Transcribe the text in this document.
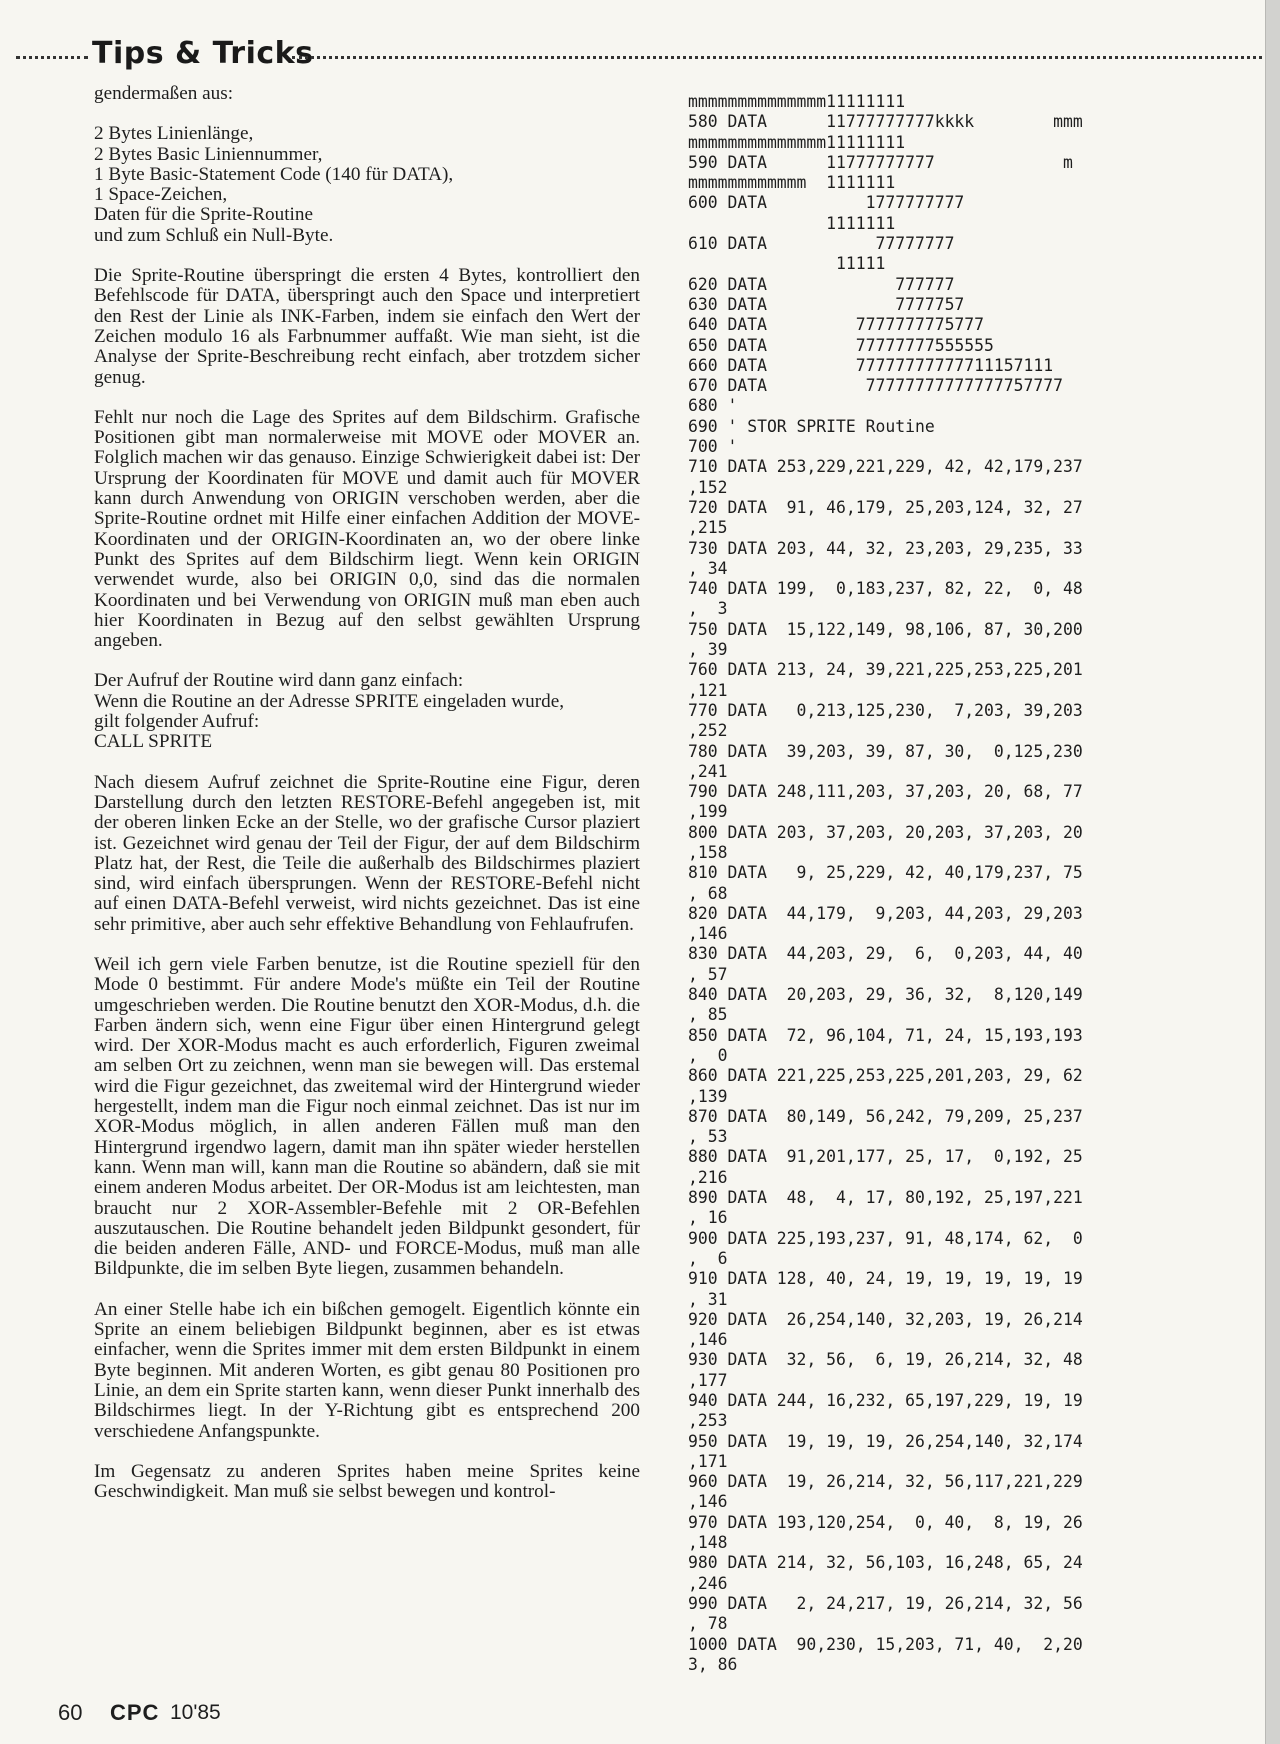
Tips & Tricks

gendermaßen aus:

2 Bytes Linienlänge,
2 Bytes Basic Liniennummer,
1 Byte Basic-Statement Code (140 für DATA),
1 Space-Zeichen,
Daten für die Sprite-Routine
und zum Schluß ein Null-Byte.

Die Sprite-Routine überspringt die ersten 4 Bytes, kontrolliert den Befehlscode für DATA, überspringt auch den Space und interpretiert den Rest der Linie als INK-Farben, indem sie einfach den Wert der Zeichen modulo 16 als Farbnummer auffaßt. Wie man sieht, ist die Analyse der Sprite-Beschreibung recht einfach, aber trotzdem sicher genug.

Fehlt nur noch die Lage des Sprites auf dem Bildschirm. Grafische Positionen gibt man normalerweise mit MOVE oder MOVER an. Folglich machen wir das genauso. Einzige Schwierigkeit dabei ist: Der Ursprung der Koordinaten für MOVE und damit auch für MOVER kann durch Anwendung von ORIGIN verschoben werden, aber die Sprite-Routine ordnet mit Hilfe einer einfachen Addition der MOVE-Koordinaten und der ORIGIN-Koordinaten an, wo der obere linke Punkt des Sprites auf dem Bildschirm liegt. Wenn kein ORIGIN verwendet wurde, also bei ORIGIN 0,0, sind das die normalen Koordinaten und bei Verwendung von ORIGIN muß man eben auch hier Koordinaten in Bezug auf den selbst gewählten Ursprung angeben.

Der Aufruf der Routine wird dann ganz einfach:
Wenn die Routine an der Adresse SPRITE eingeladen wurde,
gilt folgender Aufruf:
CALL SPRITE

Nach diesem Aufruf zeichnet die Sprite-Routine eine Figur, deren Darstellung durch den letzten RESTORE-Befehl angegeben ist, mit der oberen linken Ecke an der Stelle, wo der grafische Cursor plaziert ist. Gezeichnet wird genau der Teil der Figur, der auf dem Bildschirm Platz hat, der Rest, die Teile die außerhalb des Bildschirmes plaziert sind, wird einfach übersprungen. Wenn der RESTORE-Befehl nicht auf einen DATA-Befehl verweist, wird nichts gezeichnet. Das ist eine sehr primitive, aber auch sehr effektive Behandlung von Fehlaufrufen.

Weil ich gern viele Farben benutze, ist die Routine speziell für den Mode 0 bestimmt. Für andere Mode's müßte ein Teil der Routine umgeschrieben werden. Die Routine benutzt den XOR-Modus, d.h. die Farben ändern sich, wenn eine Figur über einen Hintergrund gelegt wird. Der XOR-Modus macht es auch erforderlich, Figuren zweimal am selben Ort zu zeichnen, wenn man sie bewegen will. Das erstemal wird die Figur gezeichnet, das zweitemal wird der Hintergrund wieder hergestellt, indem man die Figur noch einmal zeichnet. Das ist nur im XOR-Modus möglich, in allen anderen Fällen muß man den Hintergrund irgendwo lagern, damit man ihn später wieder herstellen kann. Wenn man will, kann man die Routine so abändern, daß sie mit einem anderen Modus arbeitet. Der OR-Modus ist am leichtesten, man braucht nur 2 XOR-Assembler-Befehle mit 2 OR-Befehlen auszutauschen. Die Routine behandelt jeden Bildpunkt gesondert, für die beiden anderen Fälle, AND- und FORCE-Modus, muß man alle Bildpunkte, die im selben Byte liegen, zusammen behandeln.

An einer Stelle habe ich ein bißchen gemogelt. Eigentlich könnte ein Sprite an einem beliebigen Bildpunkt beginnen, aber es ist etwas einfacher, wenn die Sprites immer mit dem ersten Bildpunkt in einem Byte beginnen. Mit anderen Worten, es gibt genau 80 Positionen pro Linie, an dem ein Sprite starten kann, wenn dieser Punkt innerhalb des Bildschirmes liegt. In der Y-Richtung gibt es entsprechend 200 verschiedene Anfangspunkte.

Im Gegensatz zu anderen Sprites haben meine Sprites keine Geschwindigkeit. Man muß sie selbst bewegen und kontrol-

mmmmmmmmmmmmmm11111111
580 DATA      11777777777kkkk        mmm
mmmmmmmmmmmmmm11111111
590 DATA      11777777777             m
mmmmmmmmmmmm  1111111
600 DATA          1777777777
1111111
610 DATA           77777777
11111
620 DATA             777777
630 DATA             7777757
640 DATA         7777777775777
650 DATA         77777777555555
660 DATA         77777777777711157111
670 DATA          77777777777777757777
680 '
690 ' STOR SPRITE Routine
700 '
710 DATA 253,229,221,229, 42, 42,179,237
,152
720 DATA  91, 46,179, 25,203,124, 32, 27
,215
730 DATA 203, 44, 32, 23,203, 29,235, 33
, 34
740 DATA 199,  0,183,237, 82, 22,  0, 48
,  3
750 DATA  15,122,149, 98,106, 87, 30,200
, 39
760 DATA 213, 24, 39,221,225,253,225,201
,121
770 DATA   0,213,125,230,  7,203, 39,203
,252
780 DATA  39,203, 39, 87, 30,  0,125,230
,241
790 DATA 248,111,203, 37,203, 20, 68, 77
,199
800 DATA 203, 37,203, 20,203, 37,203, 20
,158
810 DATA   9, 25,229, 42, 40,179,237, 75
, 68
820 DATA  44,179,  9,203, 44,203, 29,203
,146
830 DATA  44,203, 29,  6,  0,203, 44, 40
, 57
840 DATA  20,203, 29, 36, 32,  8,120,149
, 85
850 DATA  72, 96,104, 71, 24, 15,193,193
,  0
860 DATA 221,225,253,225,201,203, 29, 62
,139
870 DATA  80,149, 56,242, 79,209, 25,237
, 53
880 DATA  91,201,177, 25, 17,  0,192, 25
,216
890 DATA  48,  4, 17, 80,192, 25,197,221
, 16
900 DATA 225,193,237, 91, 48,174, 62,  0
,  6
910 DATA 128, 40, 24, 19, 19, 19, 19, 19
, 31
920 DATA  26,254,140, 32,203, 19, 26,214
,146
930 DATA  32, 56,  6, 19, 26,214, 32, 48
,177
940 DATA 244, 16,232, 65,197,229, 19, 19
,253
950 DATA  19, 19, 19, 26,254,140, 32,174
,171
960 DATA  19, 26,214, 32, 56,117,221,229
,146
970 DATA 193,120,254,  0, 40,  8, 19, 26
,148
980 DATA 214, 32, 56,103, 16,248, 65, 24
,246
990 DATA   2, 24,217, 19, 26,214, 32, 56
, 78
1000 DATA  90,230, 15,203, 71, 40,  2,20
3, 86
60 CPC 10'85
